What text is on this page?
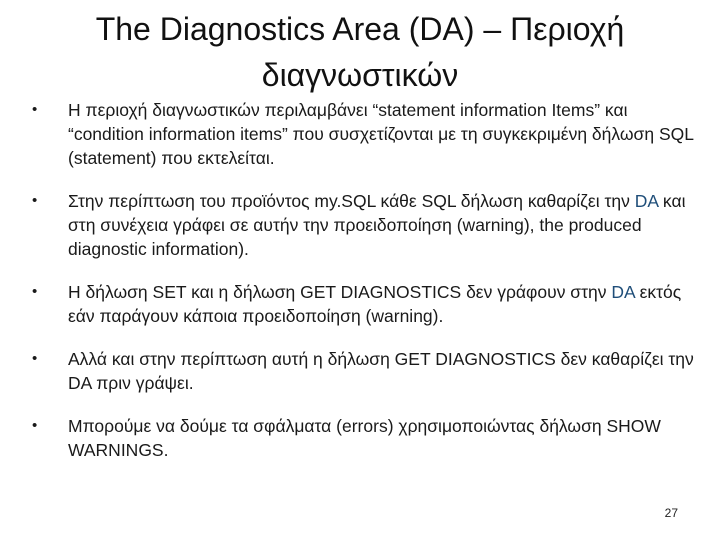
The Diagnostics Area (DA) – Περιοχή
διαγνωστικών
• Η περιοχή διαγνωστικών περιλαμβάνει “statement information Items” και “condition information items” που συσχετίζονται με τη συγκεκριμένη δήλωση SQL (statement) που εκτελείται.
• Στην περίπτωση του προϊόντος my.SQL κάθε SQL δήλωση καθαρίζει την DA και στη συνέχεια γράφει σε αυτήν την προειδοποίηση (warning), the produced diagnostic information).
• Η δήλωση SET και η δήλωση GET DIAGNOSTICS δεν γράφουν στην DA εκτός εάν παράγουν κάποια προειδοποίηση (warning).
• Αλλά και στην περίπτωση αυτή η δήλωση GET DIAGNOSTICS δεν καθαρίζει την DA πριν γράψει.
• Μπορούμε να δούμε τα σφάλματα (errors) χρησιμοποιώντας δήλωση SHOW WARNINGS.
27
